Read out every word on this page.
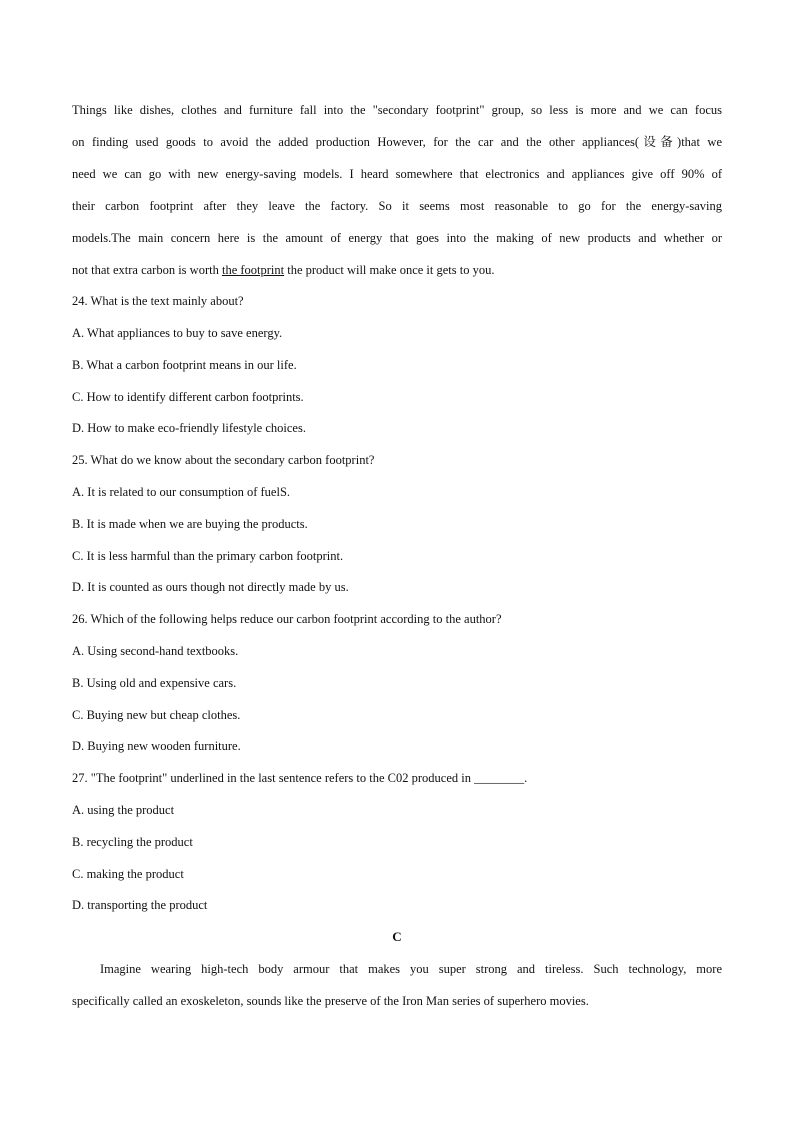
Things like dishes, clothes and furniture fall into the "secondary footprint" group, so less is more and we can focus
on finding used goods to avoid the added production However, for the car and the other appliances(设备)that we
need we can go with new energy-saving models. I heard somewhere that electronics and appliances give off 90% of
their carbon footprint after they leave the factory. So it seems most reasonable to go for the energy-saving
models.The main concern here is the amount of energy that goes into the making of new products and whether or
not that extra carbon is worth the footprint the product will make once it gets to you.
24. What is the text mainly about?
A. What appliances to buy to save energy.
B. What a carbon footprint means in our life.
C. How to identify different carbon footprints.
D. How to make eco-friendly lifestyle choices.
25. What do we know about the secondary carbon footprint?
A. It is related to our consumption of fuelS.
B. It is made when we are buying the products.
C. It is less harmful than the primary carbon footprint.
D. It is counted as ours though not directly made by us.
26. Which of the following helps reduce our carbon footprint according to the author?
A. Using second-hand textbooks.
B. Using old and expensive cars.
C. Buying new but cheap clothes.
D. Buying new wooden furniture.
27. "The footprint" underlined in the last sentence refers to the C02 produced in ________.
A. using the product
B. recycling the product
C. making the product
D. transporting the product
C
Imagine wearing high-tech body armour that makes you super strong and tireless. Such technology, more
specifically called an exoskeleton, sounds like the preserve of the Iron Man series of superhero movies.
